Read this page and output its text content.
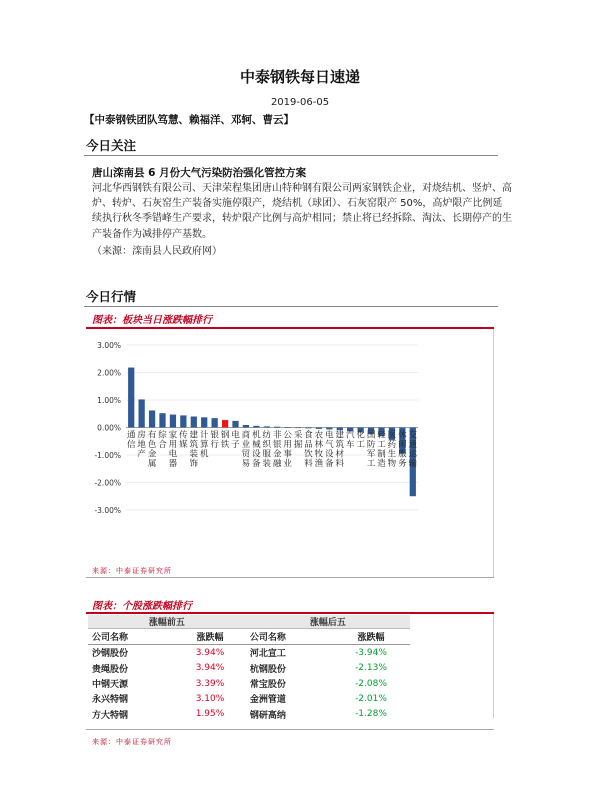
中泰钢铁每日速递
2019-06-05
【中泰钢铁团队笃慧、赖福洋、邓轲、曹云】
今日关注
唐山滦南县 6 月份大气污染防治强化管控方案
河北华西钢铁有限公司、天津荣程集团唐山特种钢有限公司两家钢铁企业，对烧结机、竖炉、高炉、转炉、石灰窑生产装备实施停限产，烧结机（球团）、石灰窑限产 50%，高炉限产比例延续执行秋冬季错峰生产要求，转炉限产比例与高炉相同；禁止将已经拆除、淘汰、长期停产的生产装备作为减排停产基数。
（来源：滦南县人民政府网）
今日行情
图表：板块当日涨跌幅排行
3.00%
2.00%
1.00%
0.00%
-1.00%
-2.00%
-3.00%
通
信
房
地
产
有
色
金
属
综
合
家
用
电
器
传
媒
建
筑
装
饰
计
算
机
银
行
钢
铁
电
子
商
业
贸
易
机
械
设
备
纺
织
服
装
非
银
金
融
公
用
事
业
采
掘
食
品
饮
料
农
林
牧
渔
电
气
设
备
建
筑
材
料
汽
车
化
工
国
防
军
工
轻
工
制
造
医
药
生
物
休
闲
服
务
交
通
运
输
来源：中泰证券研究所
图表：个股涨跌幅排行
涨幅前五		涨幅后五	
公司名称	涨跌幅	公司名称	涨跌幅
沙钢股份	3.94%	河北宣工	-3.94%
贵绳股份	3.94%	杭钢股份	-2.13%
中钢天源	3.39%	常宝股份	-2.08%
永兴特钢	3.10%	金洲管道	-2.01%
方大特钢	1.95%	钢研高纳	-1.28%
来源：中泰证券研究所
